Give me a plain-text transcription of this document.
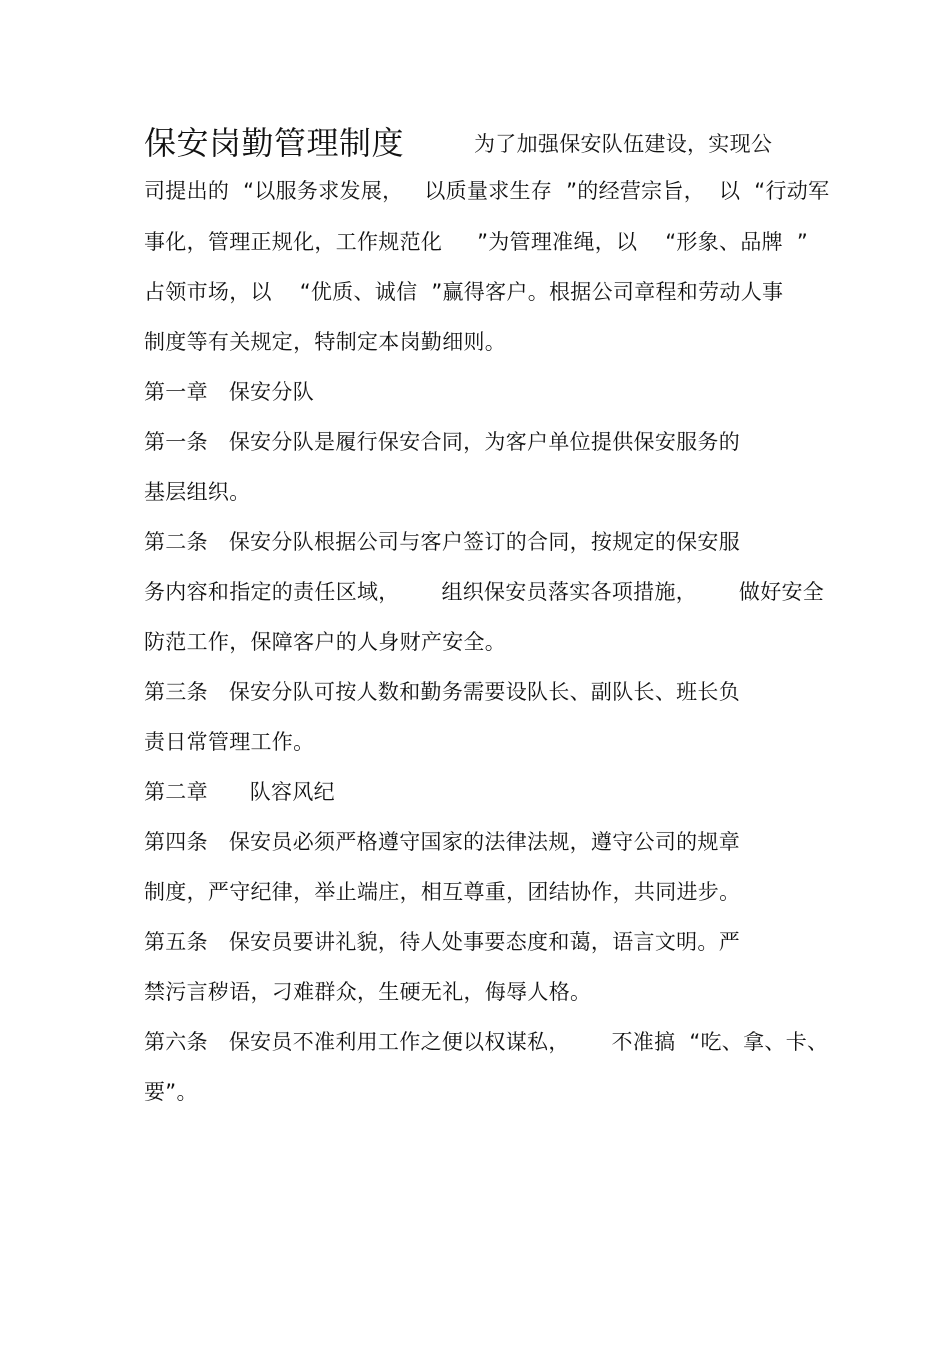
保安岗勤管理制度	为了加强保安队伍建设，实现公
司提出的  “以服务求发展，   以质量求生存  ”的经营宗旨，  以  “行动军
事化，管理正规化，工作规范化     ”为管理准绳，以    “形象、品牌  ”
占领市场，以    “优质、诚信  ”赢得客户。根据公司章程和劳动人事
制度等有关规定，特制定本岗勤细则。
第一章   保安分队
第一条   保安分队是履行保安合同，为客户单位提供保安服务的
基层组织。
第二条   保安分队根据公司与客户签订的合同，按规定的保安服
务内容和指定的责任区域，      组织保安员落实各项措施，      做好安全
防范工作，保障客户的人身财产安全。
第三条   保安分队可按人数和勤务需要设队长、副队长、班长负
责日常管理工作。
第二章      队容风纪
第四条   保安员必须严格遵守国家的法律法规，遵守公司的规章
制度，严守纪律，举止端庄，相互尊重，团结协作，共同进步。
第五条   保安员要讲礼貌，待人处事要态度和蔼，语言文明。严
禁污言秽语，刁难群众，生硬无礼，侮辱人格。
第六条   保安员不准利用工作之便以权谋私，      不准搞  “吃、拿、卡、
要”。
